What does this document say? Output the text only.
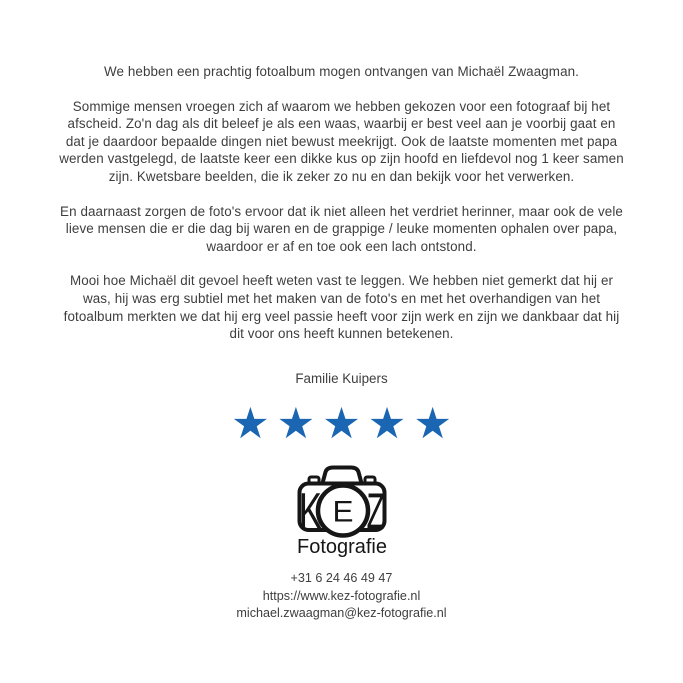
We hebben een prachtig fotoalbum mogen ontvangen van Michaël Zwaagman.

Sommige mensen vroegen zich af waarom we hebben gekozen voor een fotograaf bij het afscheid. Zo'n dag als dit beleef je als een waas, waarbij er best veel aan je voorbij gaat en dat je daardoor bepaalde dingen niet bewust meekrijgt. Ook de laatste momenten met papa werden vastgelegd, de laatste keer een dikke kus op zijn hoofd en liefdevol nog 1 keer samen zijn. Kwetsbare beelden, die ik zeker zo nu en dan bekijk voor het verwerken.

En daarnaast zorgen de foto's ervoor dat ik niet alleen het verdriet herinner, maar ook de vele lieve mensen die er die dag bij waren en de grappige / leuke momenten ophalen over papa, waardoor er af en toe ook een lach ontstond.

Mooi hoe Michaël dit gevoel heeft weten vast te leggen. We hebben niet gemerkt dat hij er was, hij was erg subtiel met het maken van de foto's en met het overhandigen van het fotoalbum merkten we dat hij erg veel passie heeft voor zijn werk en zijn we dankbaar dat hij dit voor ons heeft kunnen betekenen.

Familie Kuipers
★ ★ ★ ★ ★
K E Z
Fotografie
+31 6 24 46 49 47
https://www.kez-fotografie.nl
michael.zwaagman@kez-fotografie.nl
